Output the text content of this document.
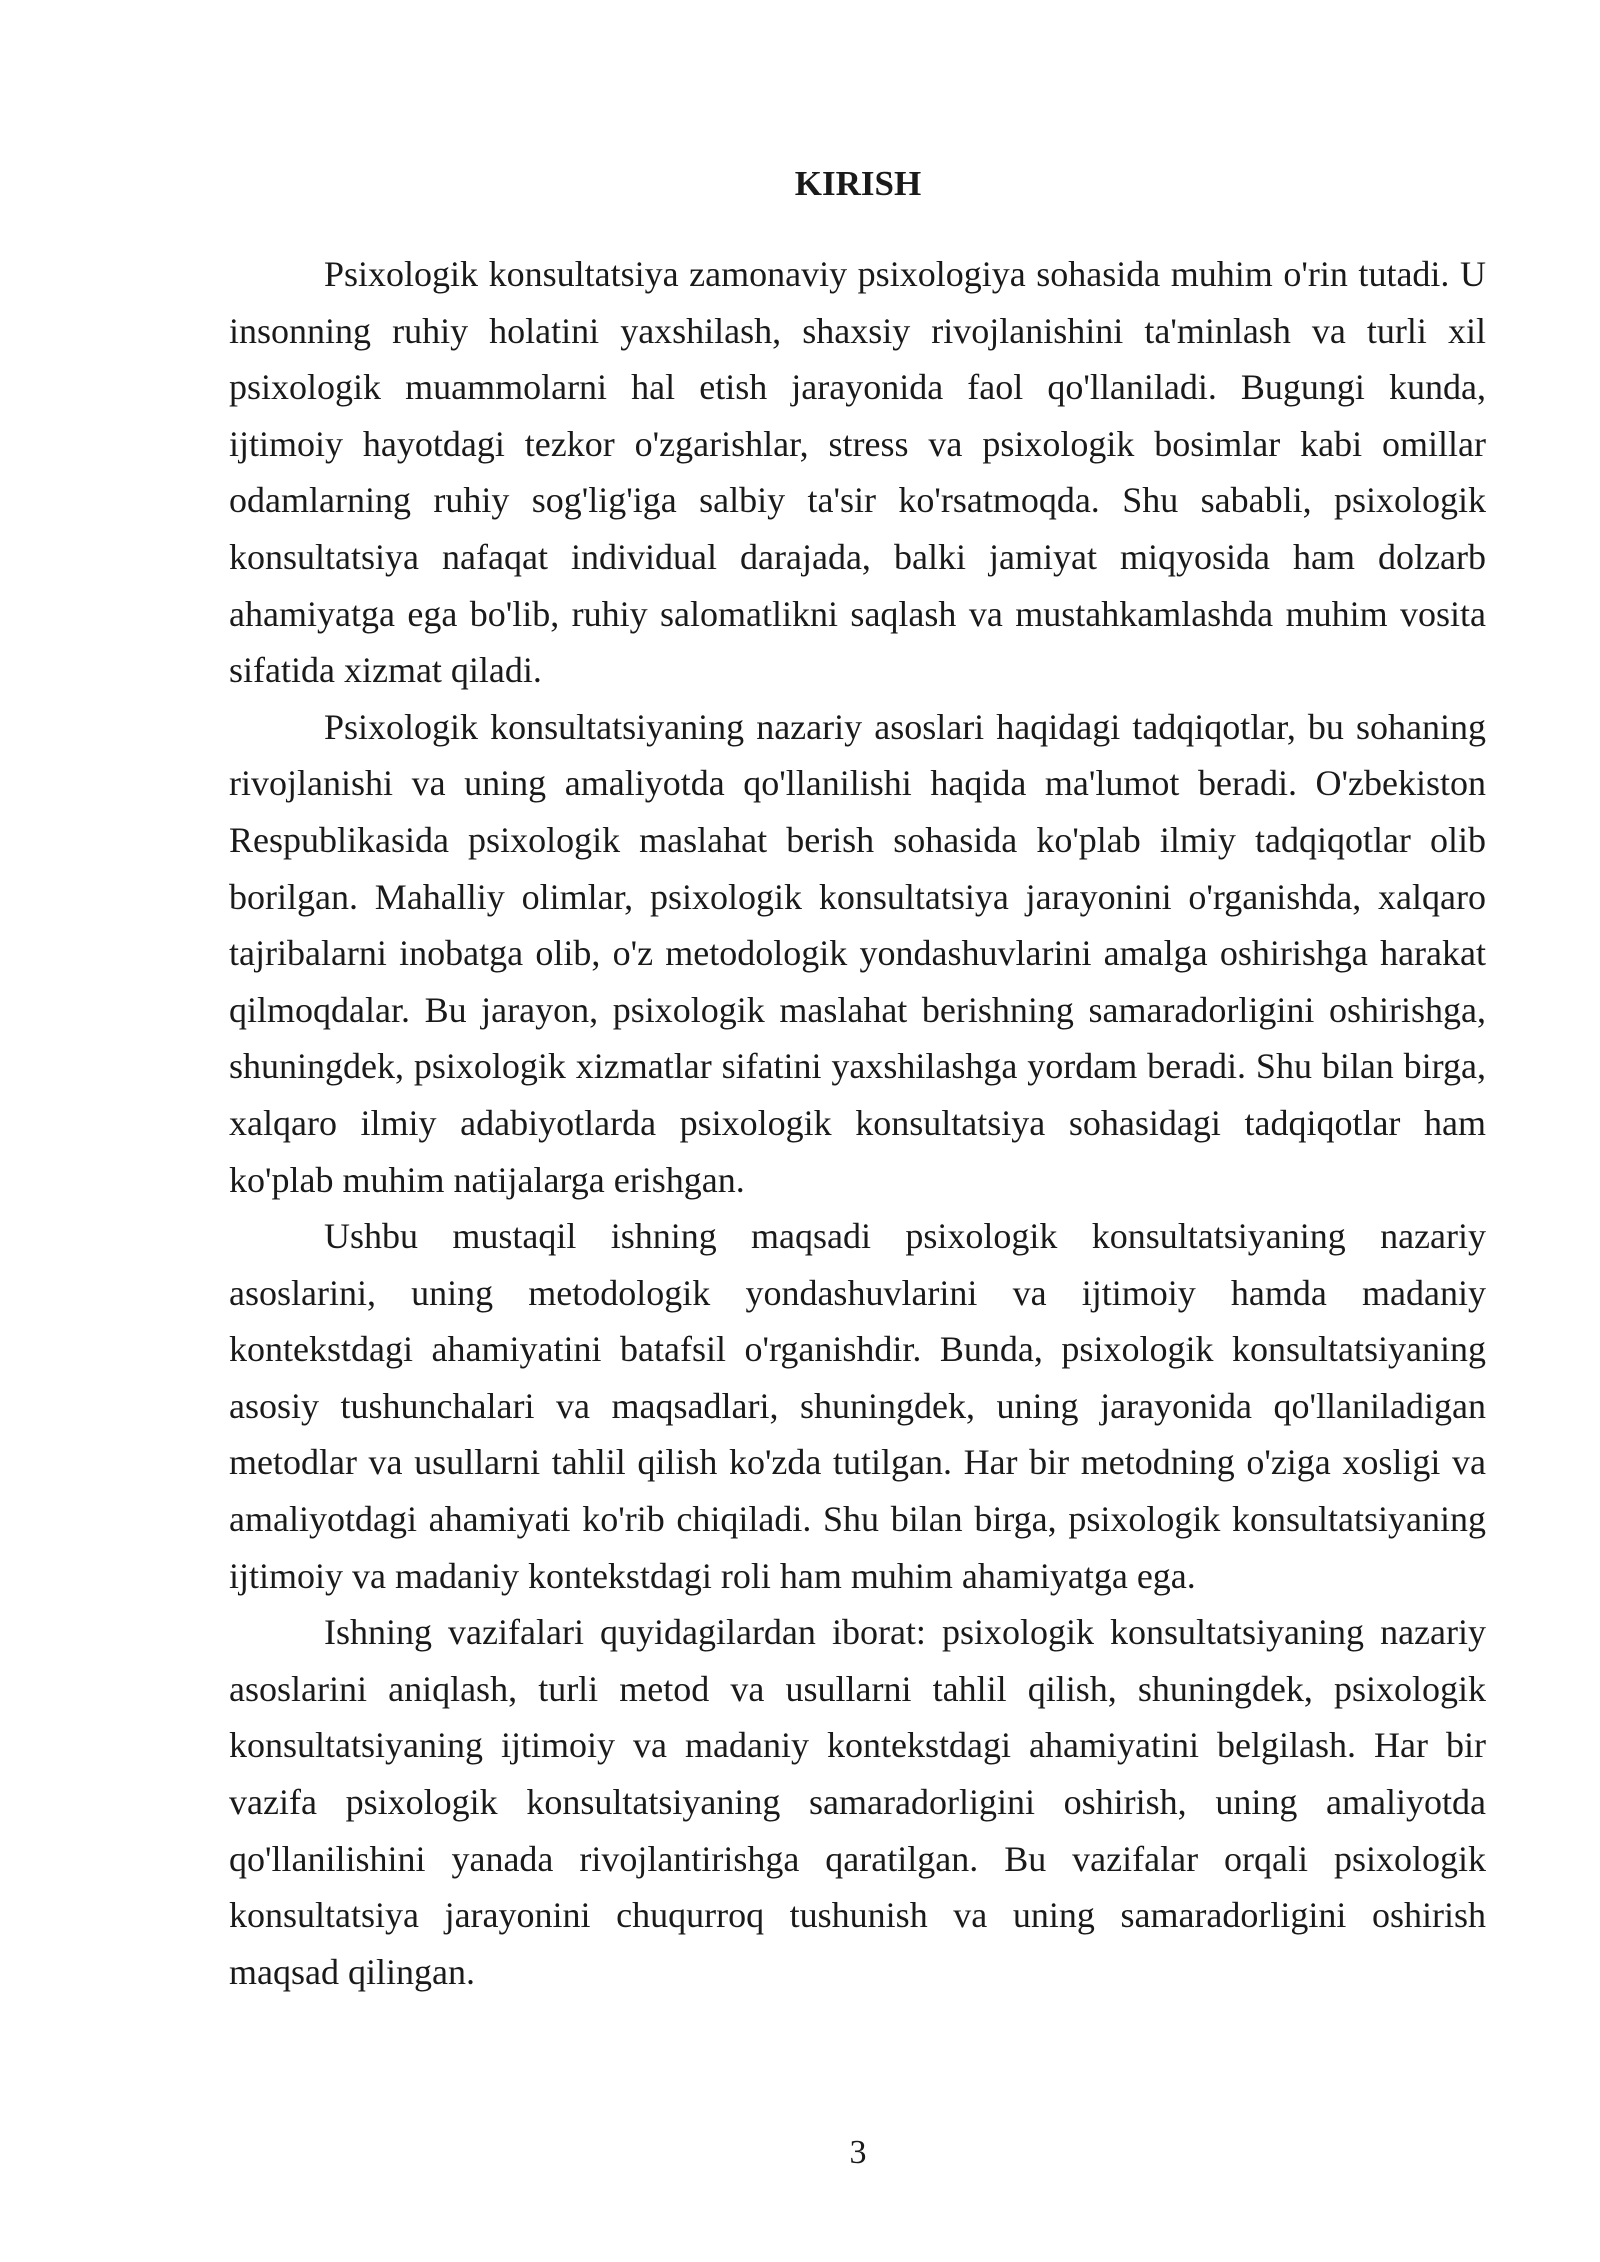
KIRISH

Psixologik konsultatsiya zamonaviy psixologiya sohasida muhim o'rin tutadi. U insonning ruhiy holatini yaxshilash, shaxsiy rivojlanishini ta'minlash va turli xil psixologik muammolarni hal etish jarayonida faol qo'llaniladi. Bugungi kunda, ijtimoiy hayotdagi tezkor o'zgarishlar, stress va psixologik bosimlar kabi omillar odamlarning ruhiy sog'lig'iga salbiy ta'sir ko'rsatmoqda. Shu sababli, psixologik konsultatsiya nafaqat individual darajada, balki jamiyat miqyosida ham dolzarb ahamiyatga ega bo'lib, ruhiy salomatlikni saqlash va mustahkamlashda muhim vosita sifatida xizmat qiladi.

Psixologik konsultatsiyaning nazariy asoslari haqidagi tadqiqotlar, bu sohaning rivojlanishi va uning amaliyotda qo'llanilishi haqida ma'lumot beradi. O'zbekiston Respublikasida psixologik maslahat berish sohasida ko'plab ilmiy tadqiqotlar olib borilgan. Mahalliy olimlar, psixologik konsultatsiya jarayonini o'rganishda, xalqaro tajribalarni inobatga olib, o'z metodologik yondashuvlarini amalga oshirishga harakat qilmoqdalar. Bu jarayon, psixologik maslahat berishning samaradorligini oshirishga, shuningdek, psixologik xizmatlar sifatini yaxshilashga yordam beradi. Shu bilan birga, xalqaro ilmiy adabiyotlarda psixologik konsultatsiya sohasidagi tadqiqotlar ham ko'plab muhim natijalarga erishgan.

Ushbu mustaqil ishning maqsadi psixologik konsultatsiyaning nazariy asoslarini, uning metodologik yondashuvlarini va ijtimoiy hamda madaniy kontekstdagi ahamiyatini batafsil o'rganishdir. Bunda, psixologik konsultatsiyaning asosiy tushunchalari va maqsadlari, shuningdek, uning jarayonida qo'llaniladigan metodlar va usullarni tahlil qilish ko'zda tutilgan. Har bir metodning o'ziga xosligi va amaliyotdagi ahamiyati ko'rib chiqiladi. Shu bilan birga, psixologik konsultatsiyaning ijtimoiy va madaniy kontekstdagi roli ham muhim ahamiyatga ega.

Ishning vazifalari quyidagilardan iborat: psixologik konsultatsiyaning nazariy asoslarini aniqlash, turli metod va usullarni tahlil qilish, shuningdek, psixologik konsultatsiyaning ijtimoiy va madaniy kontekstdagi ahamiyatini belgilash. Har bir vazifa psixologik konsultatsiyaning samaradorligini oshirish, uning amaliyotda qo'llanilishini yanada rivojlantirishga qaratilgan. Bu vazifalar orqali psixologik konsultatsiya jarayonini chuqurroq tushunish va uning samaradorligini oshirish maqsad qilingan.

3
